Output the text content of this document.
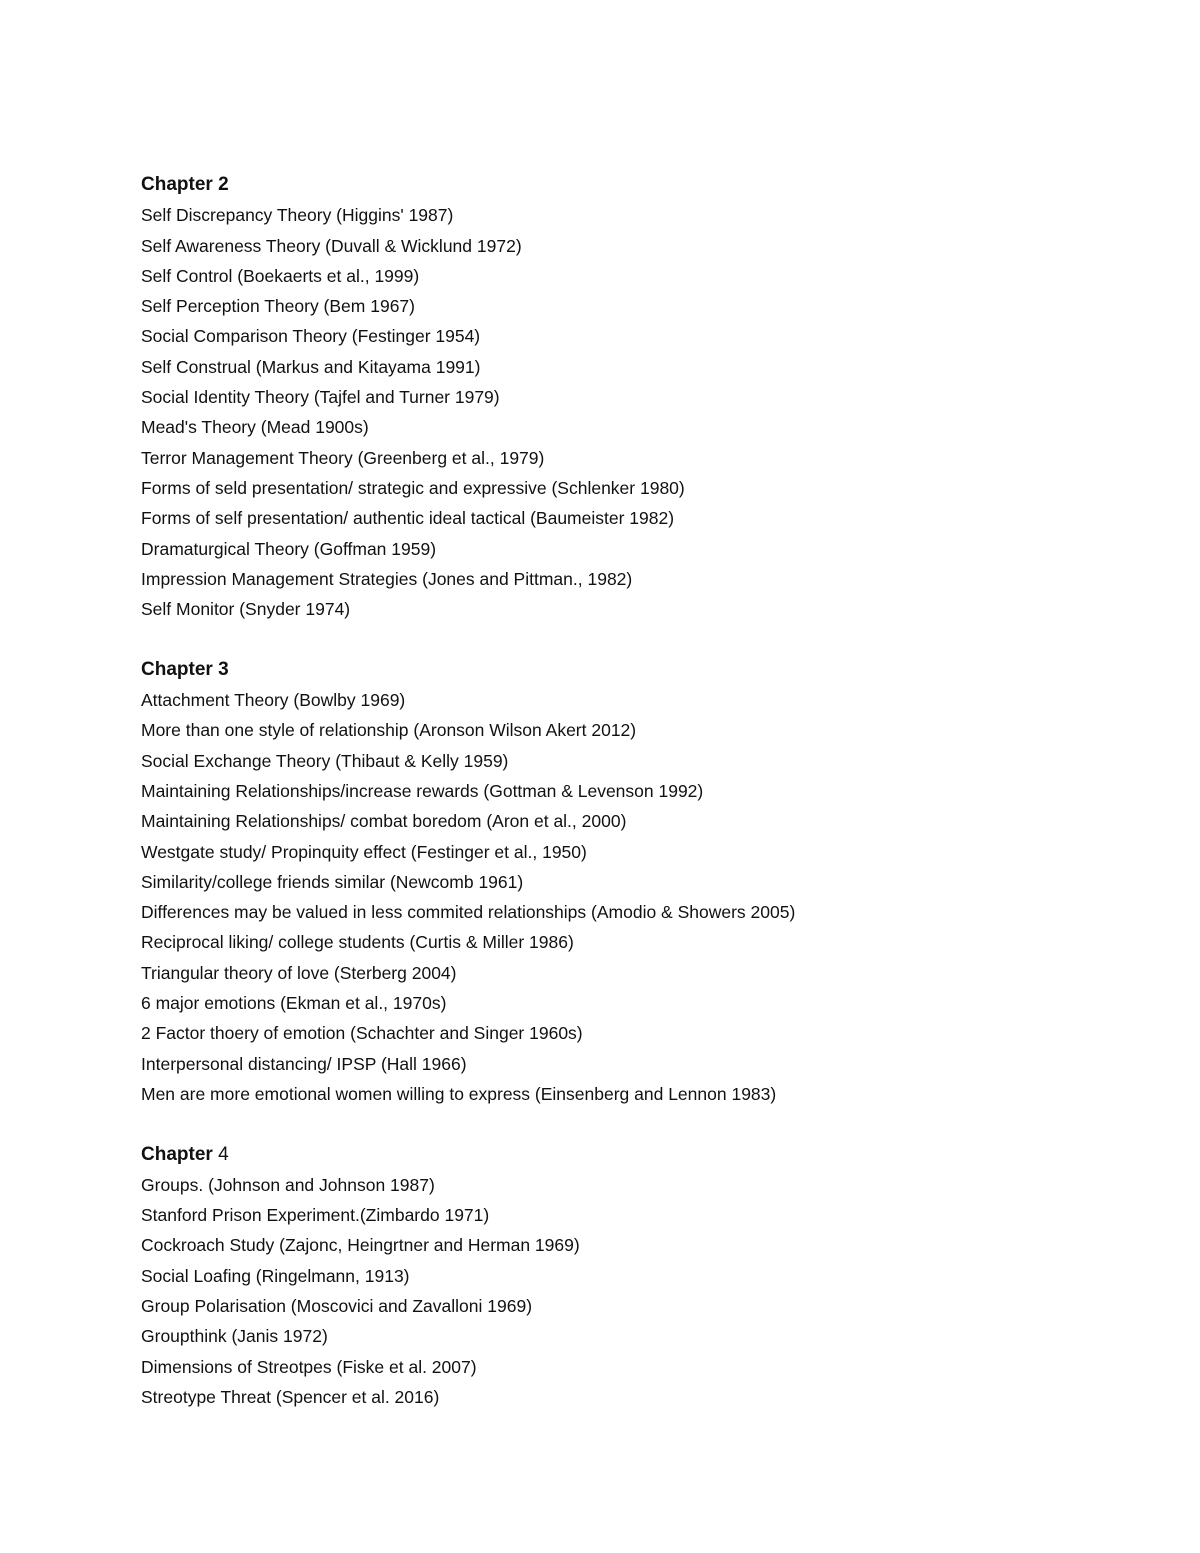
Chapter 2
Self Discrepancy Theory (Higgins' 1987)
Self Awareness Theory (Duvall & Wicklund 1972)
Self Control (Boekaerts et al., 1999)
Self Perception Theory (Bem 1967)
Social Comparison Theory (Festinger 1954)
Self Construal (Markus and Kitayama 1991)
Social Identity Theory (Tajfel and Turner 1979)
Mead's Theory (Mead 1900s)
Terror Management Theory (Greenberg et al., 1979)
Forms of seld presentation/ strategic and expressive (Schlenker 1980)
Forms of self presentation/ authentic ideal tactical (Baumeister 1982)
Dramaturgical Theory (Goffman 1959)
Impression Management Strategies (Jones and Pittman., 1982)
Self Monitor (Snyder 1974)
Chapter 3
Attachment Theory (Bowlby 1969)
More than one style of relationship (Aronson Wilson Akert 2012)
Social Exchange Theory (Thibaut & Kelly 1959)
Maintaining Relationships/increase rewards (Gottman & Levenson 1992)
Maintaining Relationships/ combat boredom (Aron et al., 2000)
Westgate study/ Propinquity effect (Festinger et al., 1950)
Similarity/college friends similar (Newcomb 1961)
Differences may be valued in less commited relationships (Amodio & Showers 2005)
Reciprocal liking/ college students (Curtis & Miller 1986)
Triangular theory of love (Sterberg 2004)
6 major emotions (Ekman et al., 1970s)
2 Factor thoery of emotion (Schachter and Singer 1960s)
Interpersonal distancing/ IPSP (Hall 1966)
Men are more emotional women willing to express (Einsenberg and Lennon 1983)
Chapter 4
Groups. (Johnson and Johnson 1987)
Stanford Prison Experiment.(Zimbardo 1971)
Cockroach Study (Zajonc, Heingrtner and Herman 1969)
Social Loafing (Ringelmann, 1913)
Group Polarisation (Moscovici and Zavalloni 1969)
Groupthink (Janis 1972)
Dimensions of Streotpes (Fiske et al. 2007)
Streotype Threat (Spencer et al. 2016)
